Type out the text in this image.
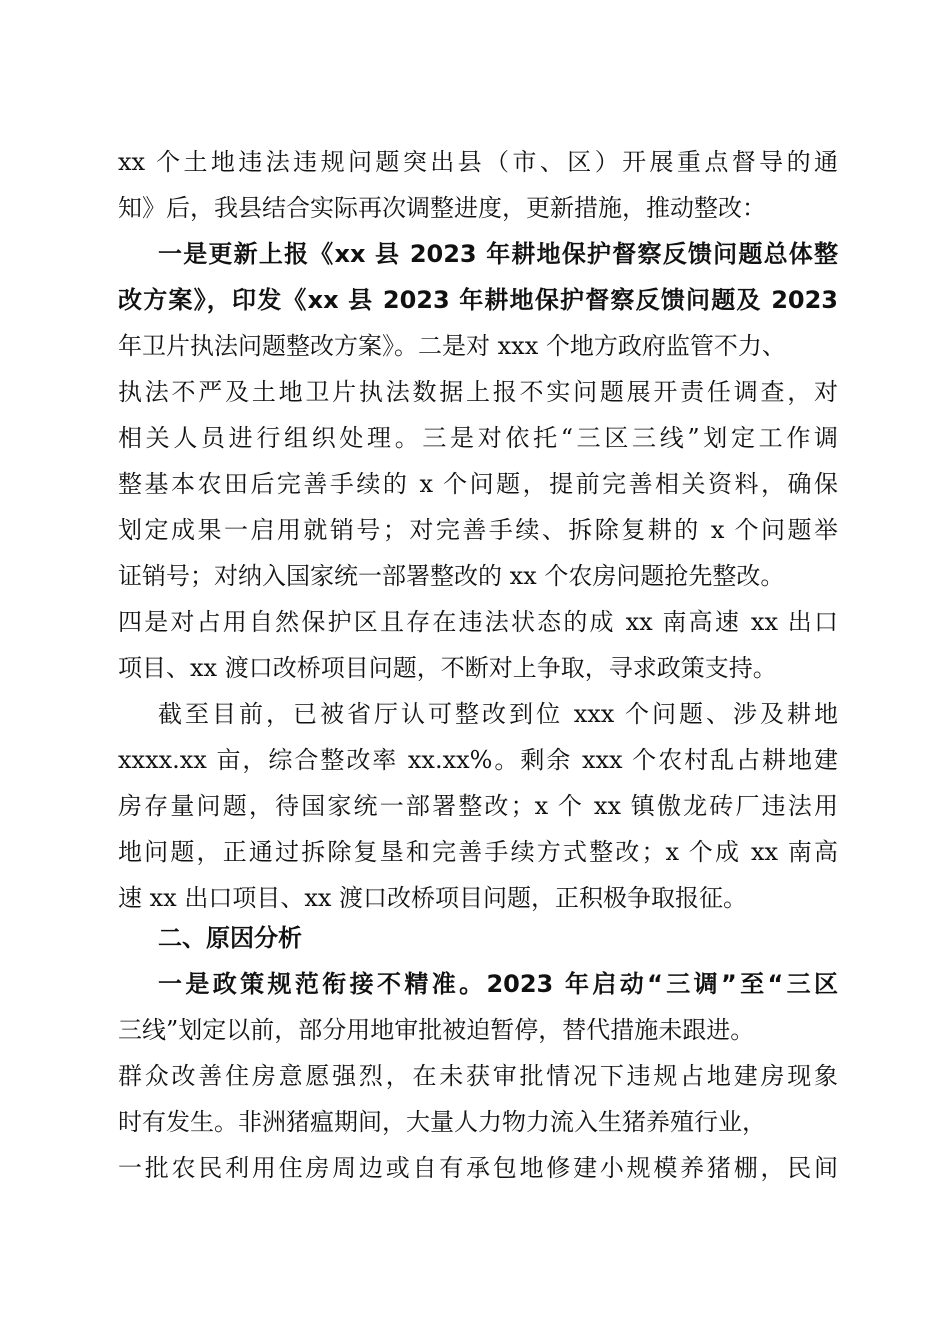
xx 个土地违法违规问题突出县（市、区）开展重点督导的通
知》后，我县结合实际再次调整进度，更新措施，推动整改：
一是更新上报《xx 县 2023 年耕地保护督察反馈问题总体整
改方案》，印发《xx 县 2023 年耕地保护督察反馈问题及 2023
年卫片执法问题整改方案》。二是对 xxx 个地方政府监管不力、
执法不严及土地卫片执法数据上报不实问题展开责任调查，对
相关人员进行组织处理。三是对依托“三区三线”划定工作调
整基本农田后完善手续的 x 个问题，提前完善相关资料，确保
划定成果一启用就销号；对完善手续、拆除复耕的 x 个问题举
证销号；对纳入国家统一部署整改的 xx 个农房问题抢先整改。
四是对占用自然保护区且存在违法状态的成 xx 南高速 xx 出口
项目、xx 渡口改桥项目问题，不断对上争取，寻求政策支持。
截至目前，已被省厅认可整改到位 xxx 个问题、涉及耕地
xxxx.xx 亩，综合整改率 xx.xx%。剩余 xxx 个农村乱占耕地建
房存量问题，待国家统一部署整改；x 个 xx 镇傲龙砖厂违法用
地问题，正通过拆除复垦和完善手续方式整改；x 个成 xx 南高
速 xx 出口项目、xx 渡口改桥项目问题，正积极争取报征。
二、原因分析
一是政策规范衔接不精准。2023 年启动“三调”至“三区
三线”划定以前，部分用地审批被迫暂停，替代措施未跟进。
群众改善住房意愿强烈，在未获审批情况下违规占地建房现象
时有发生。非洲猪瘟期间，大量人力物力流入生猪养殖行业，
一批农民利用住房周边或自有承包地修建小规模养猪棚，民间
